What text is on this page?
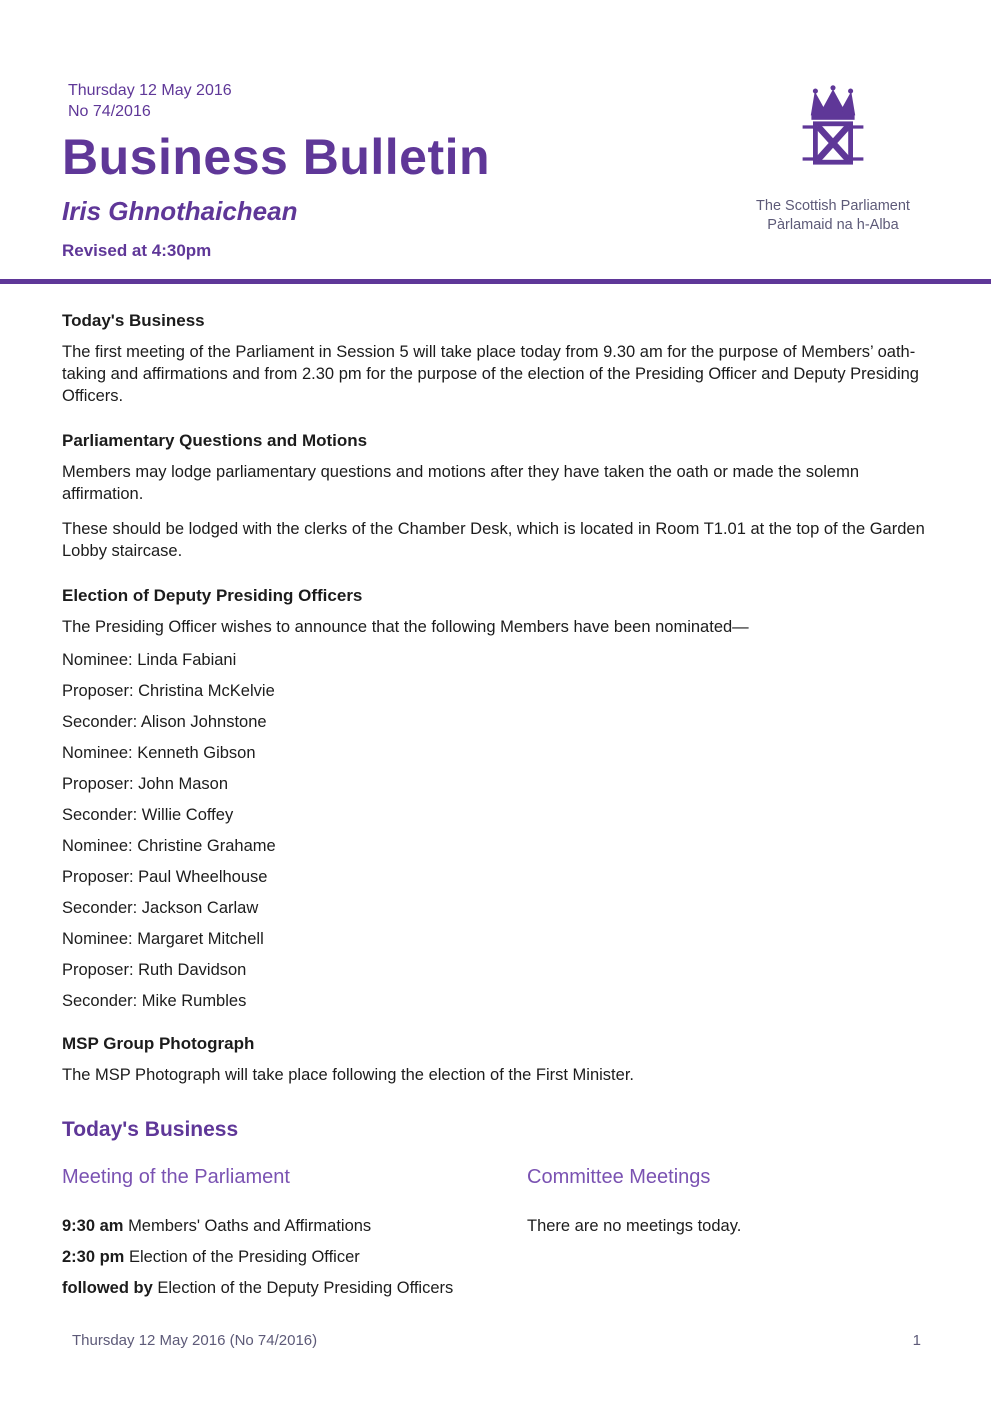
Thursday 12 May 2016
No 74/2016
Business Bulletin
Iris Ghnothaichean
Revised at 4:30pm
The Scottish Parliament
Pàrlamaid na h-Alba
Today's Business

The first meeting of the Parliament in Session 5 will take place today from 9.30 am for the purpose of Members’ oath-taking and affirmations and from 2.30 pm for the purpose of the election of the Presiding Officer and Deputy Presiding Officers.

Parliamentary Questions and Motions

Members may lodge parliamentary questions and motions after they have taken the oath or made the solemn affirmation.

These should be lodged with the clerks of the Chamber Desk, which is located in Room T1.01 at the top of the Garden Lobby staircase.

Election of Deputy Presiding Officers

The Presiding Officer wishes to announce that the following Members have been nominated—

Nominee: Linda Fabiani

Proposer: Christina McKelvie

Seconder: Alison Johnstone

Nominee: Kenneth Gibson

Proposer: John Mason

Seconder: Willie Coffey

Nominee: Christine Grahame

Proposer: Paul Wheelhouse

Seconder: Jackson Carlaw

Nominee: Margaret Mitchell

Proposer: Ruth Davidson

Seconder: Mike Rumbles

MSP Group Photograph

The MSP Photograph will take place following the election of the First Minister.

Today's Business
Meeting of the Parliament

9:30 am Members' Oaths and Affirmations

2:30 pm Election of the Presiding Officer

followed by Election of the Deputy Presiding Officers

Committee Meetings

There are no meetings today.

Thursday 12 May 2016 (No 74/2016)	1
